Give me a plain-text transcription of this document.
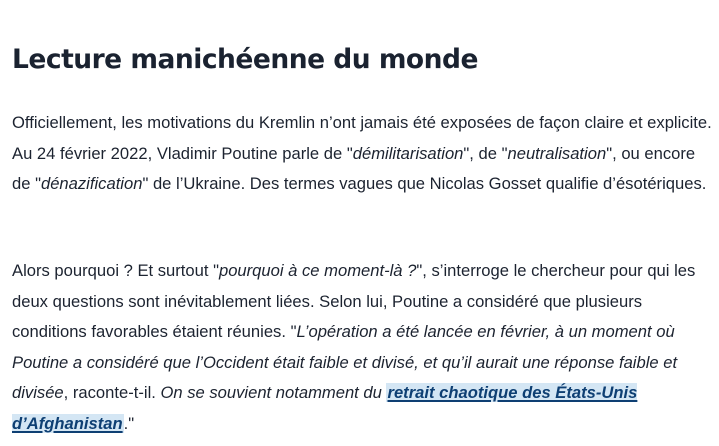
Lecture manichéenne du monde

Officiellement, les motivations du Kremlin n’ont jamais été exposées de façon claire et explicite. Au 24 février 2022, Vladimir Poutine parle de "démilitarisation", de "neutralisation", ou encore de "dénazification" de l’Ukraine. Des termes vagues que Nicolas Gosset qualifie d’ésotériques.

Alors pourquoi ? Et surtout "pourquoi à ce moment-là ?", s’interroge le chercheur pour qui les deux questions sont inévitablement liées. Selon lui, Poutine a considéré que plusieurs conditions favorables étaient réunies. "L’opération a été lancée en février, à un moment où Poutine a considéré que l’Occident était faible et divisé, et qu’il aurait une réponse faible et divisée, raconte-t-il. On se souvient notamment du retrait chaotique des États-Unis d’Afghanistan."
